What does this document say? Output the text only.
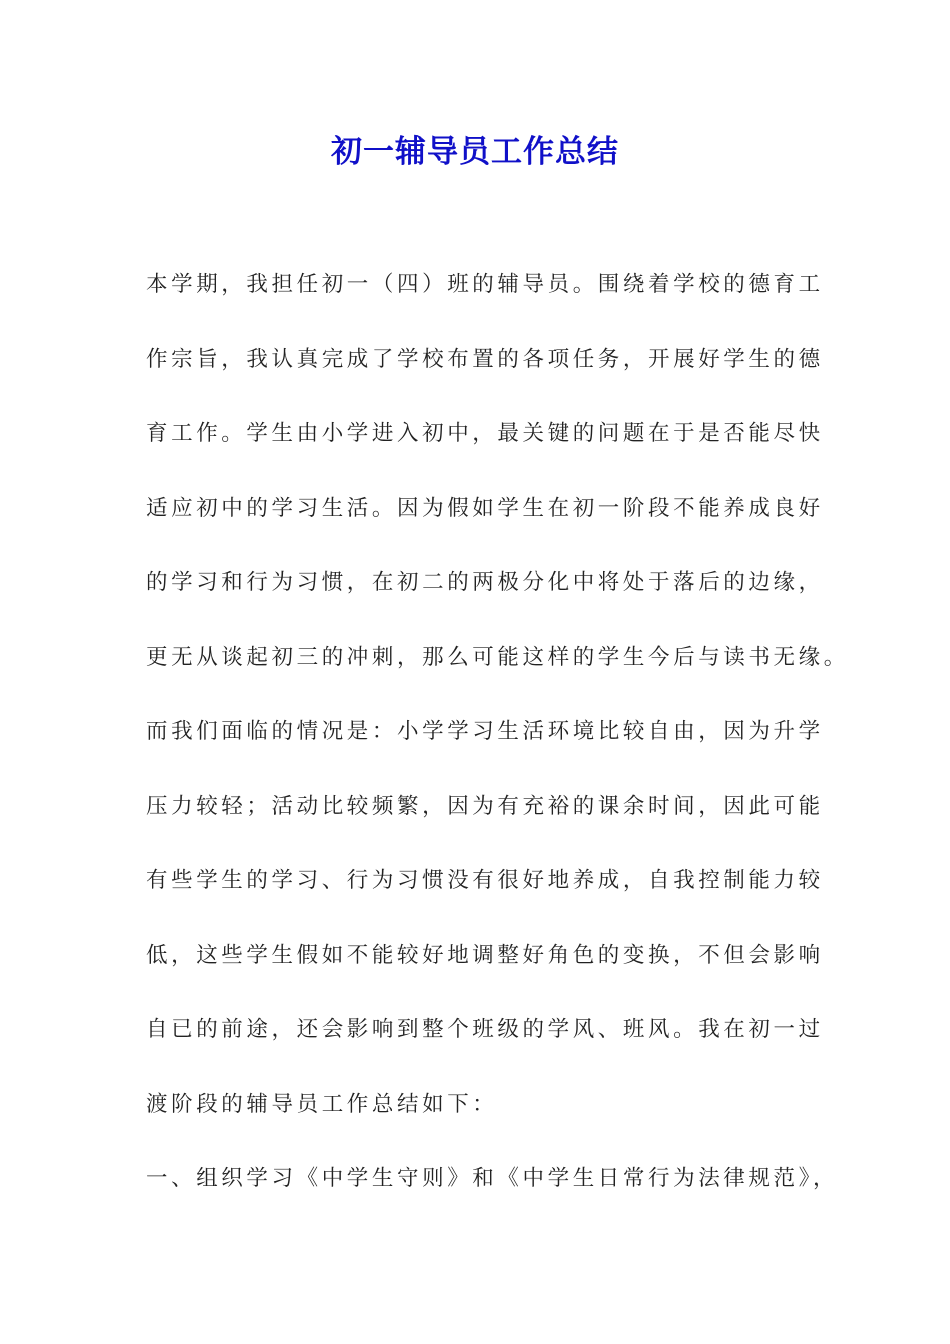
初一辅导员工作总结
本学期，我担任初一（四）班的辅导员。围绕着学校的德育工
作宗旨，我认真完成了学校布置的各项任务，开展好学生的德
育工作。学生由小学进入初中，最关键的问题在于是否能尽快
适应初中的学习生活。因为假如学生在初一阶段不能养成良好
的学习和行为习惯，在初二的两极分化中将处于落后的边缘，
更无从谈起初三的冲刺，那么可能这样的学生今后与读书无缘。
而我们面临的情况是：小学学习生活环境比较自由，因为升学
压力较轻；活动比较频繁，因为有充裕的课余时间，因此可能
有些学生的学习、行为习惯没有很好地养成，自我控制能力较
低，这些学生假如不能较好地调整好角色的变换，不但会影响
自已的前途，还会影响到整个班级的学风、班风。我在初一过
渡阶段的辅导员工作总结如下：
一、组织学习《中学生守则》和《中学生日常行为法律规范》，
